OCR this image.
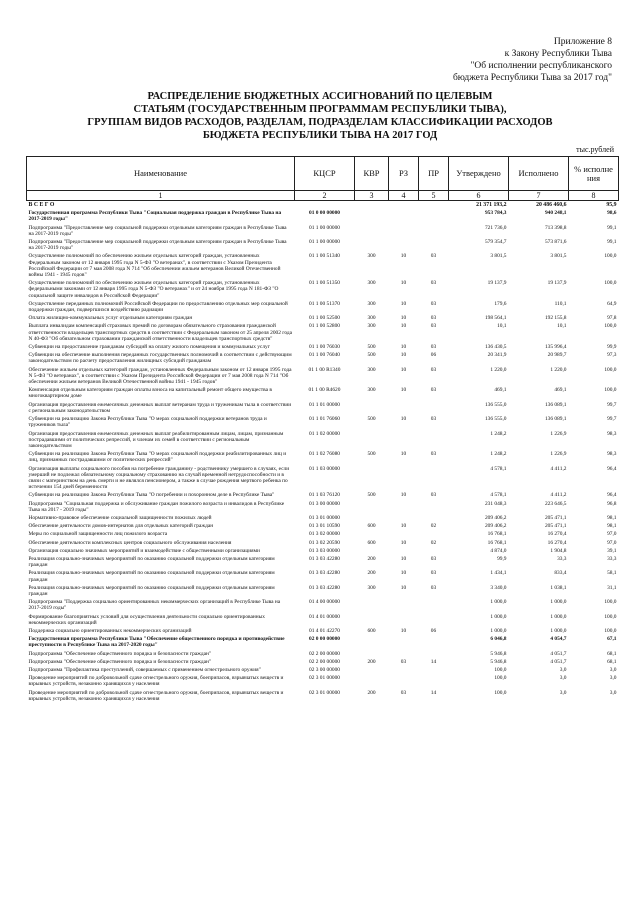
Приложение 8
к Закону Республики Тыва
"Об исполнении республиканского
бюджета Республики Тыва за 2017 год"
РАСПРЕДЕЛЕНИЕ БЮДЖЕТНЫХ АССИГНОВАНИЙ ПО ЦЕЛЕВЫМ
СТАТЬЯМ (ГОСУДАРСТВЕННЫМ ПРОГРАММАМ РЕСПУБЛИКИ ТЫВА),
ГРУППАМ ВИДОВ РАСХОДОВ, РАЗДЕЛАМ, ПОДРАЗДЕЛАМ КЛАССИФИКАЦИИ РАСХОДОВ
БЮДЖЕТА РЕСПУБЛИКИ ТЫВА НА 2017 ГОД
тыс.рублей
Наименование	КЦСР	КВР	РЗ	ПР	Утверждено	Исполнено	% исполне ния
1	2	3	4	5	6	7	8
В С Е Г О					21 371 193,2	20 486 460,6	95,9
Государственная программа Республики Тыва "Социальная поддержка граждан в Республике Тыва на 2017-2019 годы"	01 0 00 00000				953 784,3	940 248,1	98,6
Подпрограмма "Предоставление мер социальной поддержки отдельным категориям граждан в Республике Тыва на 2017-2019 годы"	01 1 00 00000				721 736,0	713 398,8	99,1
Подпрограмма "Предоставление мер социальной поддержки отдельным категориям граждан в Республике Тыва на 2017-2019 годы"	01 1 00 00000				579 354,7	573 871,6	99,1
Осуществление полномочий по обеспечению жильем отдельных категорий граждан, установленных Федеральным законом от 12 января 1995 года N 5-ФЗ "О ветеранах", в соответствии с Указом Президента Российской Федерации от 7 мая 2008 года N 714 "Об обеспечении жильем ветеранов Великой Отечественной войны 1941 - 1945 годов"	01 1 00 51340	300	10	03	3 801,5	3 801,5	100,0
Осуществление полномочий по обеспечению жильем отдельных категорий граждан, установленных федеральными законами от 12 января 1995 года N 5-ФЗ "О ветеранах" и от 24 ноября 1995 года N 181-ФЗ "О социальной защите инвалидов в Российской Федерации"	01 1 00 51350	300	10	03	19 137,9	19 137,9	100,0
Осуществление переданных полномочий Российской Федерации по предоставлению отдельных мер социальной поддержки граждан, подвергшихся воздействию радиации	01 1 00 51370	300	10	03	179,6	110,1	64,9
Оплата жилищно-коммунальных услуг отдельным категориям граждан	01 1 00 52500	300	10	03	198 564,1	192 155,8	97,8
Выплата инвалидам компенсаций страховых премий по договорам обязательного страхования гражданской ответственности владельцев транспортных средств в соответствии с Федеральным законом от 25 апреля 2002 года N 40-ФЗ "Об обязательном страховании гражданской ответственности владельцев транспортных средств"	01 1 00 52800	300	10	03	10,1	10,1	100,0
Субвенции на предоставление гражданам субсидий на оплату жилого помещения и коммунальных услуг	01 1 00 76030	500	10	03	136 430,5	135 996,4	99,9
Субвенции на обеспечение выполнения переданных государственных полномочий в соответствии с действующим законодательством по расчету предоставления жилищных субсидий гражданам	01 1 00 76040	500	10	06	20 341,9	20 989,7	97,3
Обеспечение жильем отдельных категорий граждан, установленных Федеральным законом от 12 января 1995 года N 5-ФЗ "О ветеранах", в соответствии с Указом Президента Российской Федерации от 7 мая 2008 года N 714 "Об обеспечении жильем ветеранов Великой Отечественной войны 1941 - 1945 годов"	01 1 00 R1340	300	10	03	1 220,0	1 220,0	100,0
Компенсация отдельным категориям граждан оплаты взноса на капитальный ремонт общего имущества в многоквартирном доме	01 1 00 R4620	300	10	03	469,1	469,1	100,0
Организация предоставления ежемесячных денежных выплат ветеранам труда и труженикам тыла в соответствии с региональным законодательством	01 1 01 00000				136 555,0	136 089,1	99,7
Субвенции на реализацию Закона Республики Тыва "О мерах социальной поддержки ветеранов труда и тружеников тыла"	01 1 01 76060	500	10	03	136 555,0	136 089,1	99,7
Организация предоставления ежемесячных денежных выплат реабилитированным лицам, лицам, признанным пострадавшими от политических репрессий, и членам их семей в соответствии с региональным законодательством	01 1 02 00000				1 248,2	1 226,9	98,3
Субвенции на реализацию Закона Республики Тыва "О мерах социальной поддержки реабилитированных лиц и лиц, признанных пострадавшими от политических репрессий"	01 1 02 76080	500	10	03	1 248,2	1 226,9	98,3
Организация выплаты социального пособия на погребение гражданину - родственнику умершего в случаях, если умерший не подлежал обязательному социальному страхованию на случай временной нетрудоспособности и в связи с материнством на день смерти и не являлся пенсионером, а также в случае рождения мертвого ребенка по истечении 154 дней беременности	01 1 03 00000				4 578,1	4 411,2	96,4
Субвенции на реализацию Закона Республики Тыва "О погребении и похоронном деле в Республике Тыва"	01 1 03 76120	500	10	03	4 578,1	4 411,2	96,4
Подпрограмма "Социальная поддержка и обслуживание граждан пожилого возраста и инвалидов в Республике Тыва на 2017 - 2019 годы"	01 3 00 00000				231 048,3	223 646,5	96,8
Нормативно-правовое обеспечение социальной защищенности пожилых людей	01 3 01 00000				209 406,2	205 471,1	98,1
Обеспечение деятельности домов-интернатов для отдельных категорий граждан	01 3 01 10590	600	10	02	209 406,2	205 471,1	98,1
Меры по социальной защищенности лиц пожилого возраста	01 3 02 00000				16 768,1	16 270,4	97,0
Обеспечение деятельности комплексных центров социального обслуживания населения	01 3 02 20590	600	10	02	16 768,1	16 270,4	97,0
Организация социально значимых мероприятий и взаимодействие с общественными организациями	01 3 03 00000				4 874,0	1 904,8	39,1
Реализация социально-значимых мероприятий по оказанию социальной поддержки отдельным категориям граждан	01 3 03 42280	200	10	03	99,9	33,3	33,3
Реализация социально-значимых мероприятий по оказанию социальной поддержки отдельным категориям граждан	01 3 03 42280	200	10	03	1 434,1	833,4	58,1
Реализация социально-значимых мероприятий по оказанию социальной поддержки отдельным категориям граждан	01 3 03 42280	300	10	03	3 340,0	1 038,1	31,1
Подпрограмма "Поддержка социально ориентированных некоммерческих организаций в Республике Тыва на 2017-2019 годы"	01 4 00 00000				1 000,0	1 000,0	100,0
Формирование благоприятных условий для осуществления деятельности социально ориентированных некоммерческих организаций	01 4 01 00000				1 000,0	1 000,0	100,0
Поддержка социально ориентированных некоммерческих организаций	01 4 01 42270	600	10	06	1 000,0	1 000,0	100,0
Государственная программа Республики Тыва "Обеспечение общественного порядка и противодействие преступности в Республике Тыва на 2017-2020 годы"	02 0 00 00000				6 046,8	4 054,7	67,1
Подпрограмма "Обеспечение общественного порядка и безопасности граждан"	02 2 00 00000				5 946,8	4 051,7	68,1
Подпрограмма "Обеспечение общественного порядка и безопасности граждан"	02 2 00 00000	200	03	14	5 946,8	4 051,7	68,1
Подпрограмма "Профилактика преступлений, совершаемых с применением огнестрельного оружия"	02 3 00 00000				100,0	3,0	3,0
Проведение мероприятий по добровольной сдаче огнестрельного оружия, боеприпасов, взрывчатых веществ и взрывных устройств, незаконно хранящихся у населения	02 3 01 00000				100,0	3,0	3,0
Проведение мероприятий по добровольной сдаче огнестрельного оружия, боеприпасов, взрывчатых веществ и взрывных устройств, незаконно хранящихся у населения	02 3 01 00000	200	03	14	100,0	3,0	3,0
